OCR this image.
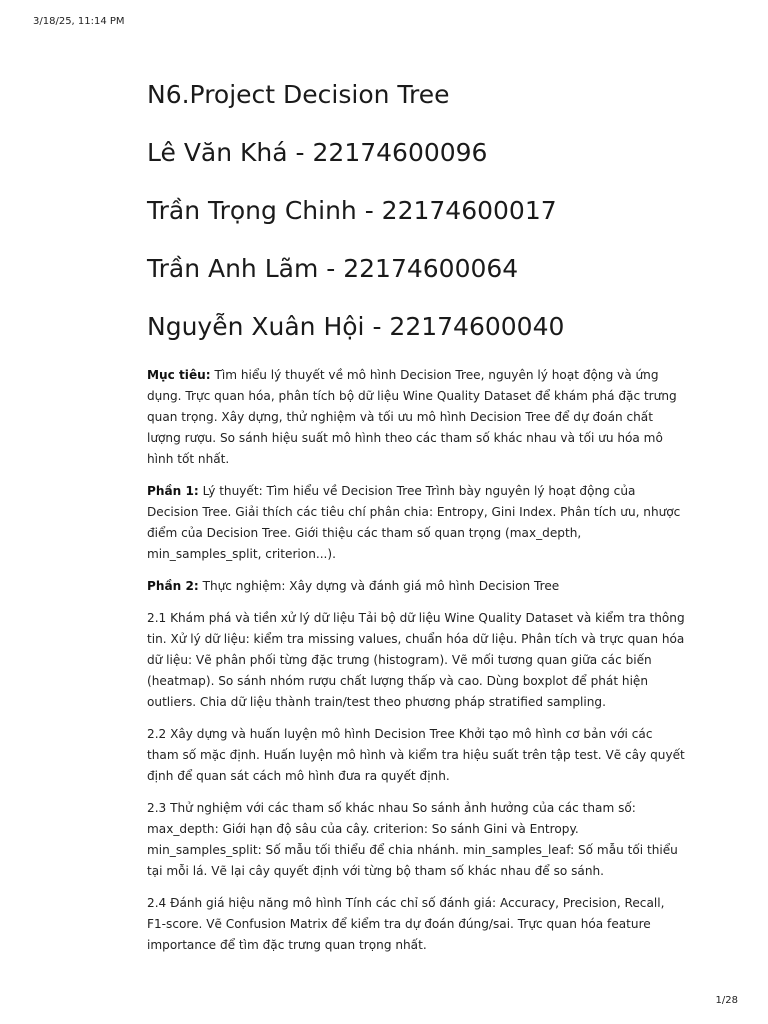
3/18/25, 11:14 PM
N6.Project Decision Tree
Lê Văn Khá - 22174600096
Trần Trọng Chinh - 22174600017
Trần Anh Lãm - 22174600064
Nguyễn Xuân Hội - 22174600040

Mục tiêu: Tìm hiểu lý thuyết về mô hình Decision Tree, nguyên lý hoạt động và ứng dụng. Trực quan hóa, phân tích bộ dữ liệu Wine Quality Dataset để khám phá đặc trưng quan trọng. Xây dựng, thử nghiệm và tối ưu mô hình Decision Tree để dự đoán chất lượng rượu. So sánh hiệu suất mô hình theo các tham số khác nhau và tối ưu hóa mô hình tốt nhất.

Phần 1: Lý thuyết: Tìm hiểu về Decision Tree Trình bày nguyên lý hoạt động của Decision Tree. Giải thích các tiêu chí phân chia: Entropy, Gini Index. Phân tích ưu, nhược điểm của Decision Tree. Giới thiệu các tham số quan trọng (max_depth, min_samples_split, criterion...).

Phần 2: Thực nghiệm: Xây dựng và đánh giá mô hình Decision Tree

2.1 Khám phá và tiền xử lý dữ liệu Tải bộ dữ liệu Wine Quality Dataset và kiểm tra thông tin. Xử lý dữ liệu: kiểm tra missing values, chuẩn hóa dữ liệu. Phân tích và trực quan hóa dữ liệu: Vẽ phân phối từng đặc trưng (histogram). Vẽ mối tương quan giữa các biến (heatmap). So sánh nhóm rượu chất lượng thấp và cao. Dùng boxplot để phát hiện outliers. Chia dữ liệu thành train/test theo phương pháp stratified sampling.

2.2 Xây dựng và huấn luyện mô hình Decision Tree Khởi tạo mô hình cơ bản với các tham số mặc định. Huấn luyện mô hình và kiểm tra hiệu suất trên tập test. Vẽ cây quyết định để quan sát cách mô hình đưa ra quyết định.

2.3 Thử nghiệm với các tham số khác nhau So sánh ảnh hưởng của các tham số: max_depth: Giới hạn độ sâu của cây. criterion: So sánh Gini và Entropy. min_samples_split: Số mẫu tối thiểu để chia nhánh. min_samples_leaf: Số mẫu tối thiểu tại mỗi lá. Vẽ lại cây quyết định với từng bộ tham số khác nhau để so sánh.

2.4 Đánh giá hiệu năng mô hình Tính các chỉ số đánh giá: Accuracy, Precision, Recall, F1-score. Vẽ Confusion Matrix để kiểm tra dự đoán đúng/sai. Trực quan hóa feature importance để tìm đặc trưng quan trọng nhất.

1/28
